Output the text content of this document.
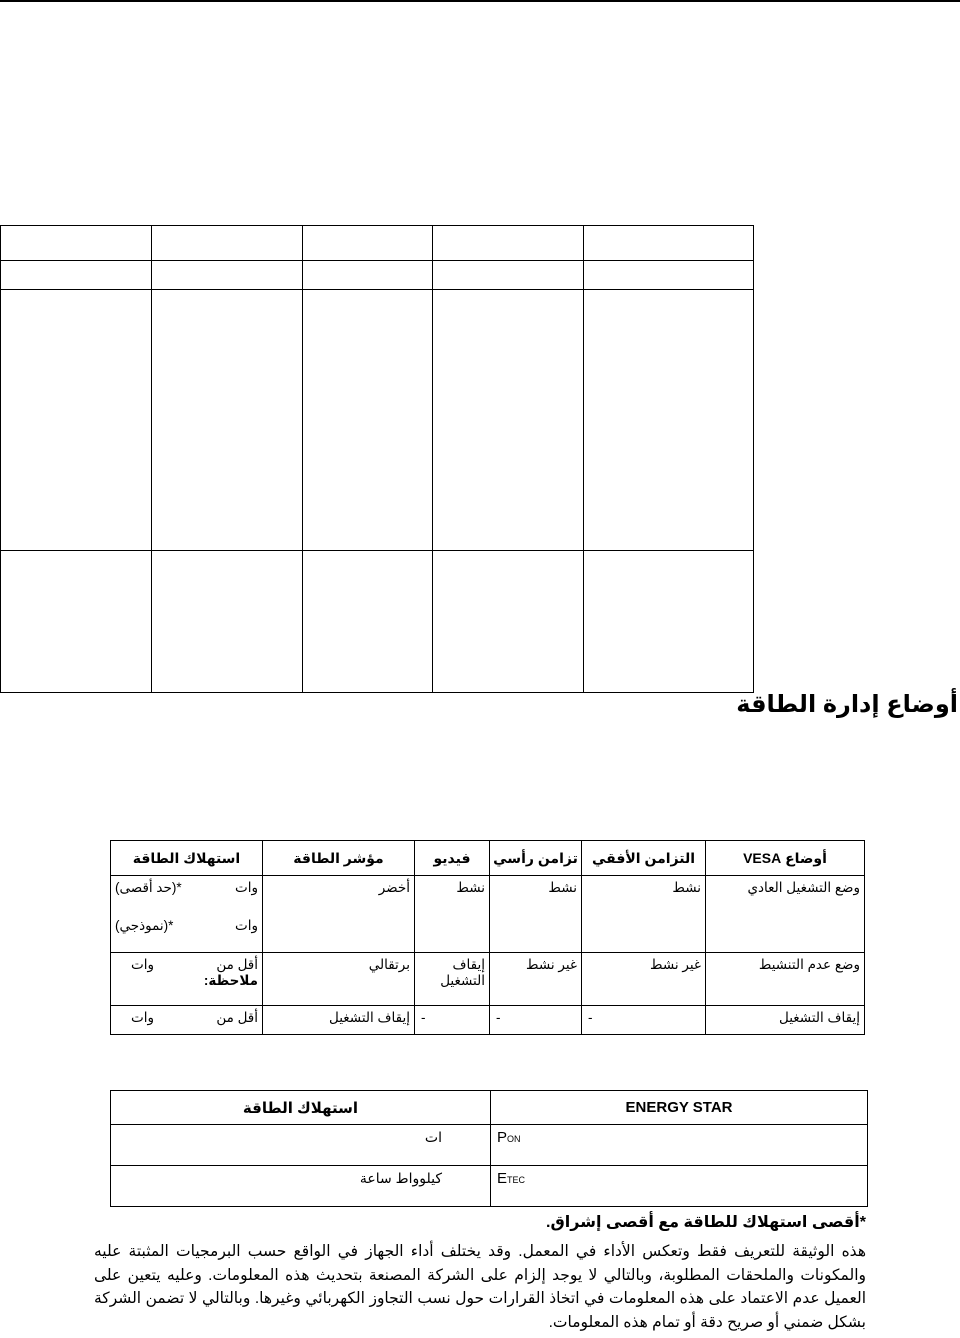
أوضاع إدارة الطاقة
أوضاع VESA	التزامن الأفقي	تزامن رأسي	فيديو	مؤشر الطاقة	استهلاك الطاقة
وضع التشغيل العادي	نشط	نشط	نشط	أخضر	وات
*(حد أقصى)
وات
*(نموذجي)

وضع عدم التنشيط	غير نشط	غير نشط	إيقاف التشغيل	برتقالي	أقل من
وات
ملاحظة:

إيقاف التشغيل	-	-	-	إيقاف التشغيل	أقل من
وات
ENERGY STAR	استهلاك الطاقة
PON	ات
ETEC	كيلوواط ساعة
*أقصى استهلاك للطاقة مع أقصى إشراق.
هذه الوثيقة للتعريف فقط وتعكس الأداء في المعمل. وقد يختلف أداء الجهاز في الواقع حسب البرمجيات المثبتة عليه والمكونات والملحقات المطلوبة، وبالتالي لا يوجد إلزام على الشركة المصنعة بتحديث هذه المعلومات. وعليه يتعين على العميل عدم الاعتماد على هذه المعلومات في اتخاذ القرارات حول نسب التجاوز الكهربائي وغيرها. وبالتالي لا تضمن الشركة بشكل ضمني أو صريح دقة أو تمام هذه المعلومات.
